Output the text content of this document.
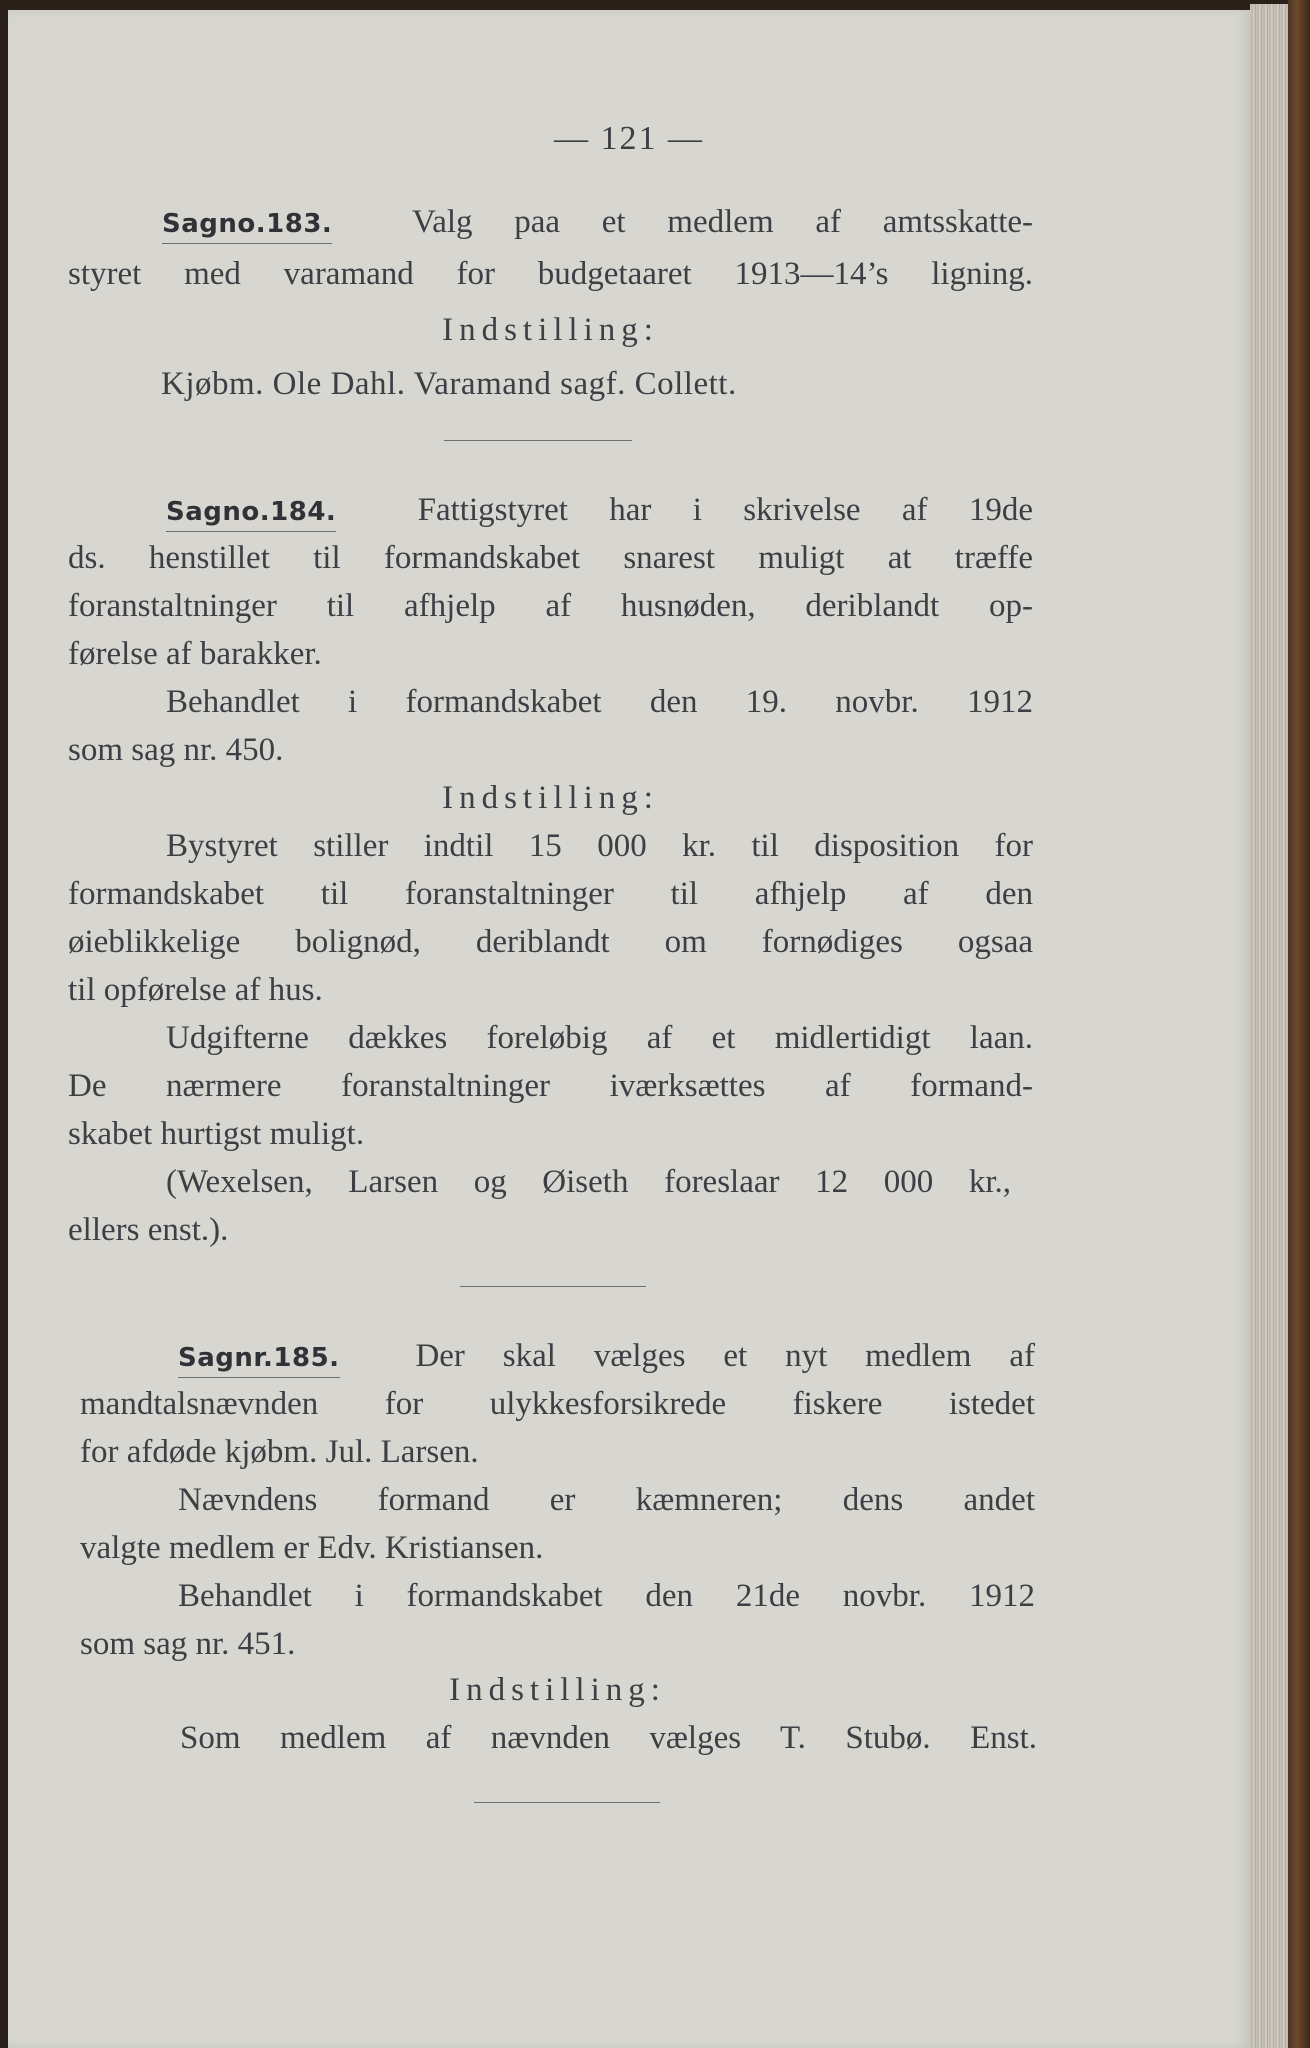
— 121 —
Sagno.183. Valg paa et medlem af amtsskatte-
styret med varamand for budgetaaret 1913—14’s ligning.
Indstilling:
Kjøbm. Ole Dahl. Varamand sagf. Collett.
Sagno.184. Fattigstyret har i skrivelse af 19de
ds. henstillet til formandskabet snarest muligt at træffe
foranstaltninger til afhjelp af husnøden, deriblandt op-
førelse af barakker.
Behandlet i formandskabet den 19. novbr. 1912
som sag nr. 450.
Indstilling:
Bystyret stiller indtil 15 000 kr. til disposition for
formandskabet til foranstaltninger til afhjelp af den
øieblikkelige bolignød, deriblandt om fornødiges ogsaa
til opførelse af hus.
Udgifterne dækkes foreløbig af et midlertidigt laan.
De nærmere foranstaltninger iværksættes af formand-
skabet hurtigst muligt.
(Wexelsen, Larsen og Øiseth foreslaar 12 000 kr.,
ellers enst.).
Sagnr.185. Der skal vælges et nyt medlem af
mandtalsnævnden for ulykkesforsikrede fiskere istedet
for afdøde kjøbm. Jul. Larsen.
Nævndens formand er kæmneren; dens andet
valgte medlem er Edv. Kristiansen.
Behandlet i formandskabet den 21de novbr. 1912
som sag nr. 451.
Indstilling:
Som medlem af nævnden vælges T. Stubø. Enst.
